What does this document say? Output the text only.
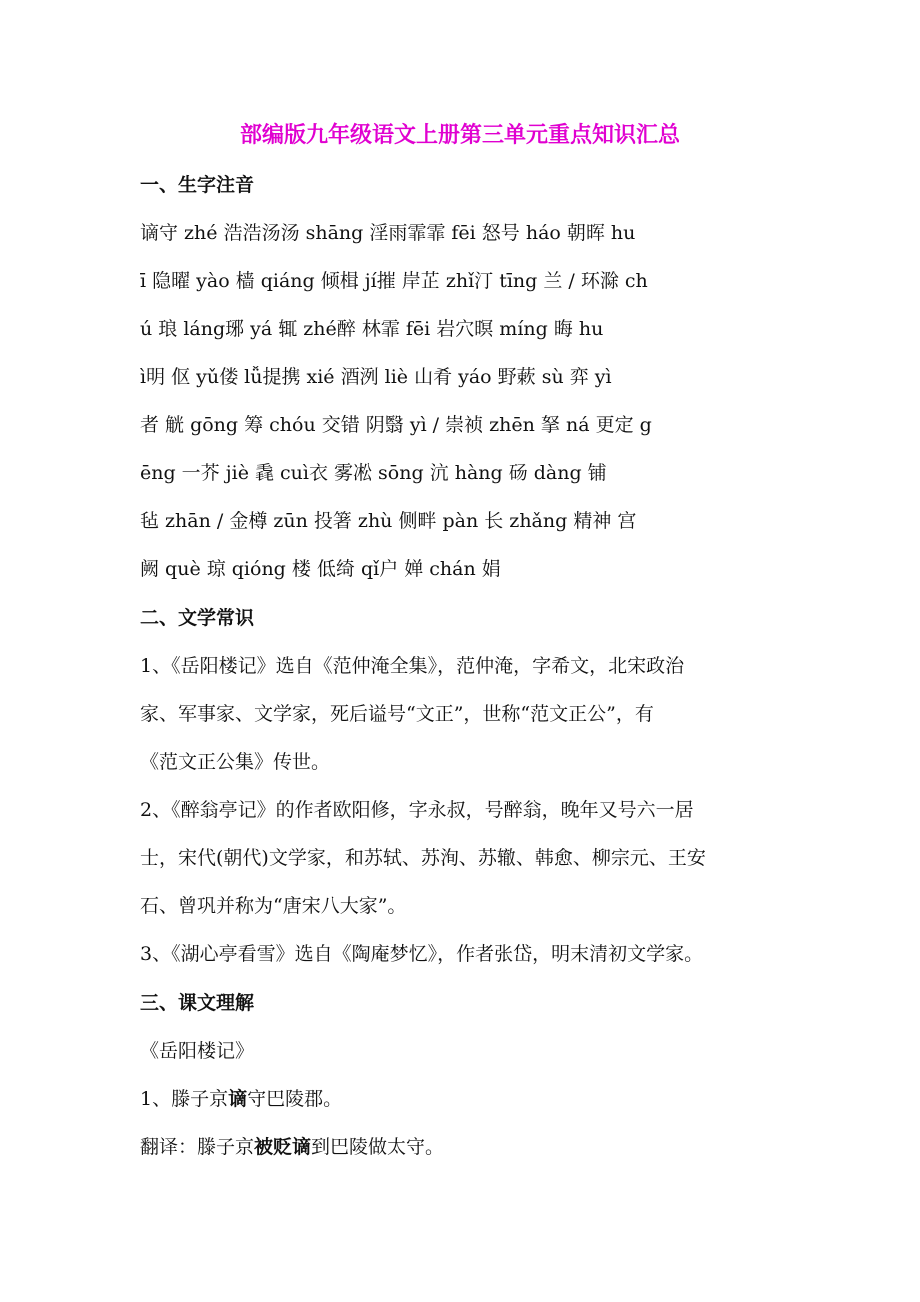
部编版九年级语文上册第三单元重点知识汇总
一、生字注音
谪守 zhé 浩浩汤汤 shāng 淫雨霏霏 fēi 怒号 háo 朝晖 hu
ī 隐曜 yào 樯 qiáng 倾楫 jí摧 岸芷 zhǐ汀 tīng 兰 / 环滁 ch
ú 琅 láng琊 yá 辄 zhé醉 林霏 fēi 岩穴暝 míng 晦 hu
ì明 伛 yǔ偻 lǚ提携 xié 酒洌 liè 山肴 yáo 野蔌 sù 弈 yì
者 觥 gōng 筹 chóu 交错 阴翳 yì / 崇祯 zhēn 拏 ná 更定 g
ēng 一芥 jiè 毳 cuì衣 雾凇 sōng 沆 hàng 砀 dàng 铺
毡 zhān / 金樽 zūn 投箸 zhù 侧畔 pàn 长 zhǎng 精神 宫
阙 què 琼 qióng 楼 低绮 qǐ户 婵 chán 娟
二、文学常识
1、《岳阳楼记》选自《范仲淹全集》，范仲淹，字希文，北宋政治
家、军事家、文学家，死后谥号“文正”，世称“范文正公”，有
《范文正公集》传世。
2、《醉翁亭记》的作者欧阳修，字永叔，号醉翁，晚年又号六一居
士，宋代(朝代)文学家，和苏轼、苏洵、苏辙、韩愈、柳宗元、王安
石、曾巩并称为“唐宋八大家”。
3、《湖心亭看雪》选自《陶庵梦忆》，作者张岱，明末清初文学家。
三、课文理解
《岳阳楼记》
1、滕子京谪守巴陵郡。
翻译：滕子京被贬谪到巴陵做太守。
